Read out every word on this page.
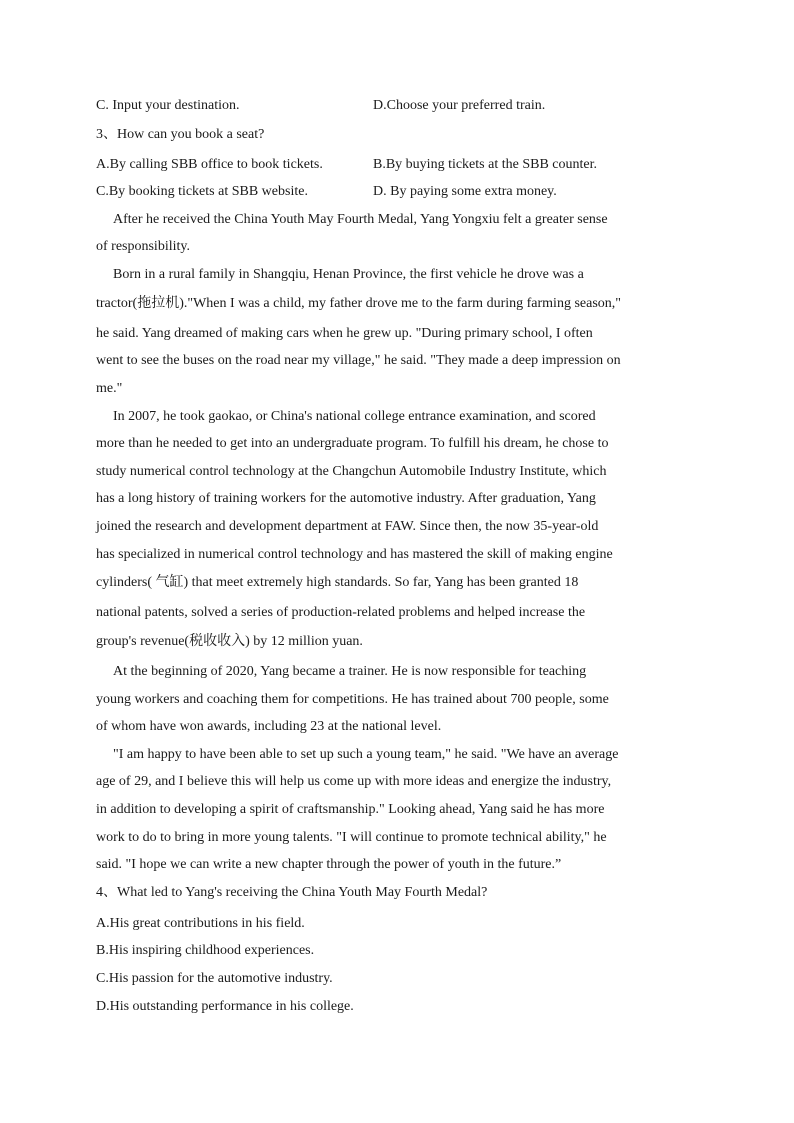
C. Input your destination.	D.Choose your preferred train.
3、How can you book a seat?
A.By calling SBB office to book tickets.	B.By buying tickets at the SBB counter.
C.By booking tickets at SBB website.	D. By paying some extra money.
After he received the China Youth May Fourth Medal, Yang Yongxiu felt a greater sense
of responsibility.
Born in a rural family in Shangqiu, Henan Province, the first vehicle he drove was a
tractor(拖拉机)."When I was a child, my father drove me to the farm during farming season,"
he said. Yang dreamed of making cars when he grew up. "During primary school, I often
went to see the buses on the road near my village," he said. "They made a deep impression on
me."
In 2007, he took gaokao, or China's national college entrance examination, and scored
more than he needed to get into an undergraduate program. To fulfill his dream, he chose to
study numerical control technology at the Changchun Automobile Industry Institute, which
has a long history of training workers for the automotive industry. After graduation, Yang
joined the research and development department at FAW. Since then, the now 35-year-old
has specialized in numerical control technology and has mastered the skill of making engine
cylinders( 气缸) that meet extremely high standards. So far, Yang has been granted 18
national patents, solved a series of production-related problems and helped increase the
group's revenue(税收收入) by 12 million yuan.
At the beginning of 2020, Yang became a trainer. He is now responsible for teaching
young workers and coaching them for competitions. He has trained about 700 people, some
of whom have won awards, including 23 at the national level.
"I am happy to have been able to set up such a young team," he said. "We have an average
age of 29, and I believe this will help us come up with more ideas and energize the industry,
in addition to developing a spirit of craftsmanship." Looking ahead, Yang said he has more
work to do to bring in more young talents. "I will continue to promote technical ability," he
said. "I hope we can write a new chapter through the power of youth in the future.”
4、What led to Yang's receiving the China Youth May Fourth Medal?
A.His great contributions in his field.
B.His inspiring childhood experiences.
C.His passion for the automotive industry.
D.His outstanding performance in his college.
